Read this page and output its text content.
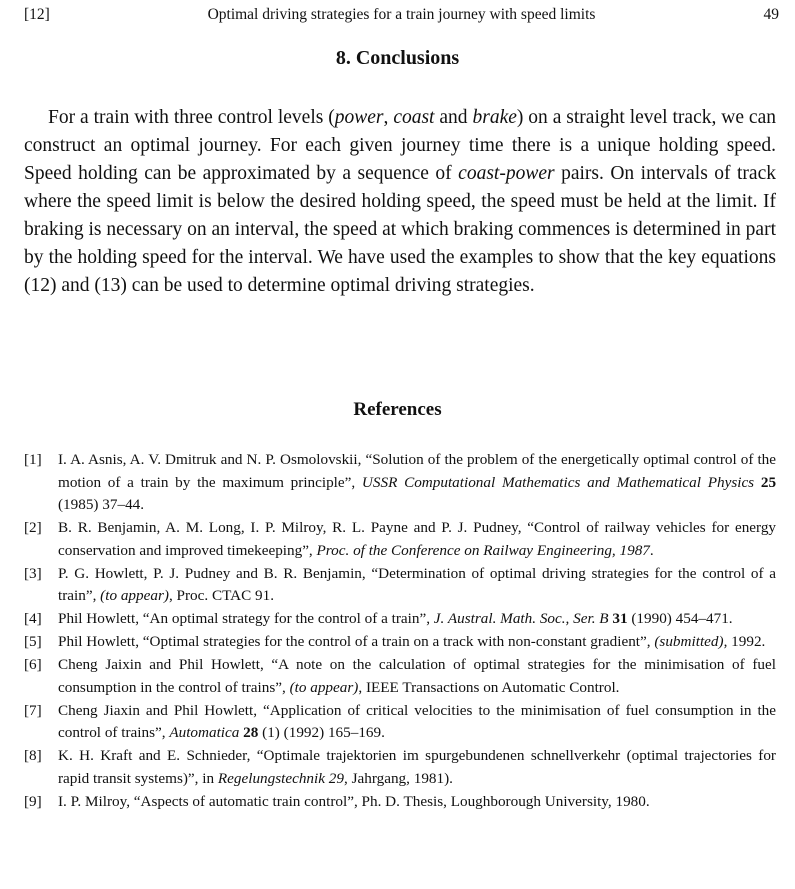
[12]	Optimal driving strategies for a train journey with speed limits	49
8. Conclusions

For a train with three control levels (power, coast and brake) on a straight level track, we can construct an optimal journey. For each given journey time there is a unique holding speed. Speed holding can be approximated by a sequence of coast-power pairs. On intervals of track where the speed limit is below the desired holding speed, the speed must be held at the limit. If braking is necessary on an interval, the speed at which braking commences is determined in part by the holding speed for the interval. We have used the examples to show that the key equations (12) and (13) can be used to determine optimal driving strategies.

References
[1] I. A. Asnis, A. V. Dmitruk and N. P. Osmolovskii, “Solution of the problem of the energetically optimal control of the motion of a train by the maximum principle”, USSR Computational Mathematics and Mathematical Physics 25 (1985) 37–44.
[2] B. R. Benjamin, A. M. Long, I. P. Milroy, R. L. Payne and P. J. Pudney, “Control of railway vehicles for energy conservation and improved timekeeping”, Proc. of the Conference on Railway Engineering, 1987.
[3] P. G. Howlett, P. J. Pudney and B. R. Benjamin, “Determination of optimal driving strategies for the control of a train”, (to appear), Proc. CTAC 91.
[4] Phil Howlett, “An optimal strategy for the control of a train”, J. Austral. Math. Soc., Ser. B 31 (1990) 454–471.
[5] Phil Howlett, “Optimal strategies for the control of a train on a track with non-constant gradient”, (submitted), 1992.
[6] Cheng Jaixin and Phil Howlett, “A note on the calculation of optimal strategies for the minimisation of fuel consumption in the control of trains”, (to appear), IEEE Transactions on Automatic Control.
[7] Cheng Jiaxin and Phil Howlett, “Application of critical velocities to the minimisation of fuel consumption in the control of trains”, Automatica 28 (1) (1992) 165–169.
[8] K. H. Kraft and E. Schnieder, “Optimale trajektorien im spurgebundenen schnellverkehr (optimal trajectories for rapid transit systems)”, in Regelungstechnik 29, Jahrgang, 1981).
[9] I. P. Milroy, “Aspects of automatic train control”, Ph. D. Thesis, Loughborough University, 1980.
